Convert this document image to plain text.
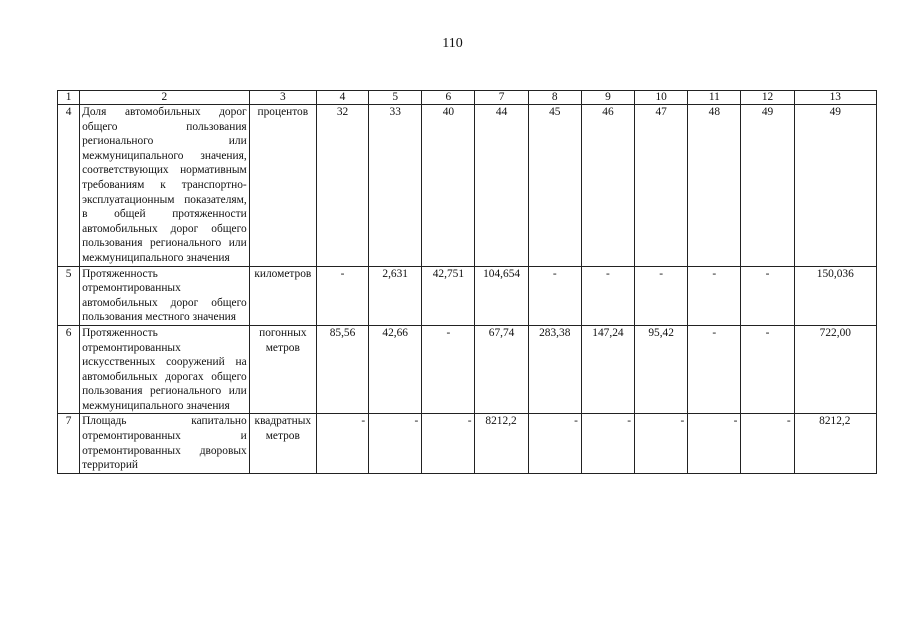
110
1	2	3	4	5	6	7	8	9	10	11	12	13
4	Доля автомобильных дорог общего пользования регионального или межмуниципального значения, соответствующих нормативным требованиям к транспортно-эксплуатационным показателям, в общей протяженности автомобильных дорог общего пользования регионального или межмуниципального значения	процентов	32	33	40	44	45	46	47	48	49	49
5	Протяженность отремонтированных автомобильных дорог общего пользования местного значения	километров	-	2,631	42,751	104,654	-	-	-	-	-	150,036
6	Протяженность отремонтированных искусственных сооружений на автомобильных дорогах общего пользования регионального или межмуниципального значения	погонных
метров	85,56	42,66	-	67,74	283,38	147,24	95,42	-	-	722,00
7	Площадь капитально отремонтированных и отремонтированных дворовых территорий	квадратных
метров	-	-	-	8212,2	-	-	-	-	-	8212,2
